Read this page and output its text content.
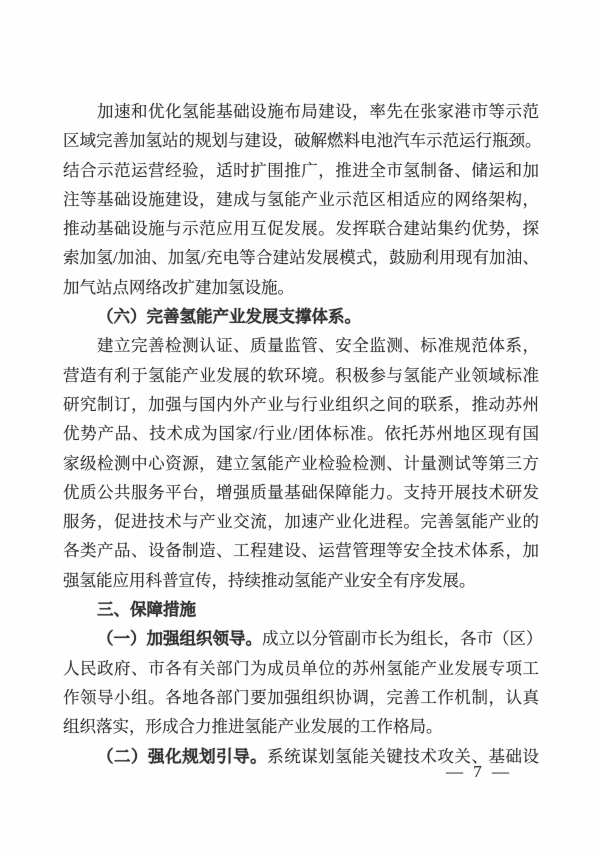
加速和优化氢能基础设施布局建设，率先在张家港市等示范
区域完善加氢站的规划与建设，破解燃料电池汽车示范运行瓶颈。
结合示范运营经验，适时扩围推广，推进全市氢制备、储运和加
注等基础设施建设，建成与氢能产业示范区相适应的网络架构，
推动基础设施与示范应用互促发展。发挥联合建站集约优势，探
索加氢/加油、加氢/充电等合建站发展模式，鼓励利用现有加油、
加气站点网络改扩建加氢设施。
（六）完善氢能产业发展支撑体系。
建立完善检测认证、质量监管、安全监测、标准规范体系，
营造有利于氢能产业发展的软环境。积极参与氢能产业领域标准
研究制订，加强与国内外产业与行业组织之间的联系，推动苏州
优势产品、技术成为国家/行业/团体标准。依托苏州地区现有国
家级检测中心资源，建立氢能产业检验检测、计量测试等第三方
优质公共服务平台，增强质量基础保障能力。支持开展技术研发
服务，促进技术与产业交流，加速产业化进程。完善氢能产业的
各类产品、设备制造、工程建设、运营管理等安全技术体系，加
强氢能应用科普宣传，持续推动氢能产业安全有序发展。
三、保障措施
（一）加强组织领导。成立以分管副市长为组长，各市（区）
人民政府、市各有关部门为成员单位的苏州氢能产业发展专项工
作领导小组。各地各部门要加强组织协调，完善工作机制，认真
组织落实，形成合力推进氢能产业发展的工作格局。
（二）强化规划引导。系统谋划氢能关键技术攻关、基础设
— 7 —
